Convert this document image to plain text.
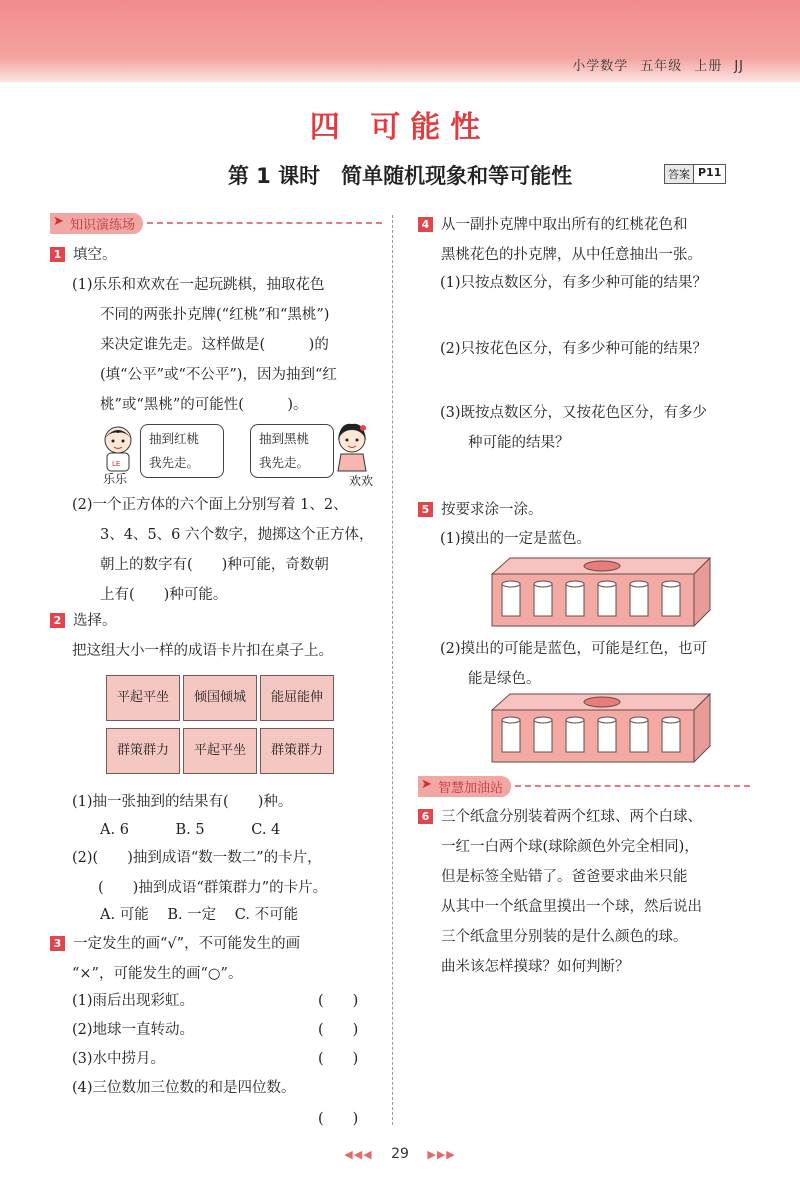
小学数学 五年级 上册 JJ
四 可能性
第 1 课时　简单随机现象和等可能性	答案 P11
➤ 知识演练场
1 填空。
(1)乐乐和欢欢在一起玩跳棋，抽取花色
不同的两张扑克牌(“红桃”和“黑桃”)
来决定谁先走。这样做是(　　　)的
(填“公平”或“不公平”)，因为抽到“红
桃”或“黑桃”的可能性(　　　)。
LE
乐乐
抽到红桃
我先走。
抽到黑桃
我先走。
欢欢
(2)一个正方体的六个面上分别写着 1、2、
3、4、5、6 六个数字，抛掷这个正方体，
朝上的数字有(　　)种可能，奇数朝
上有(　　)种可能。
2 选择。
把这组大小一样的成语卡片扣在桌子上。
平起平坐	倾国倾城	能屈能伸
群策群力	平起平坐	群策群力
(1)抽一张抽到的结果有(　　)种。
A. 6	B. 5	C. 4
(2)(　　)抽到成语“数一数二”的卡片，
(　　)抽到成语“群策群力”的卡片。
A. 可能 B. 一定 C. 不可能
3 一定发生的画“√”，不可能发生的画
“×”，可能发生的画“○”。
(1)雨后出现彩虹。	(　　)
(2)地球一直转动。	(　　)
(3)水中捞月。	(　　)
(4)三位数加三位数的和是四位数。
(　　)
4 从一副扑克牌中取出所有的红桃花色和
黑桃花色的扑克牌，从中任意抽出一张。
(1)只按点数区分，有多少种可能的结果？
(2)只按花色区分，有多少种可能的结果？
(3)既按点数区分，又按花色区分，有多少
种可能的结果？
5 按要求涂一涂。
(1)摸出的一定是蓝色。
(2)摸出的可能是蓝色，可能是红色，也可
能是绿色。
➤ 智慧加油站
6 三个纸盒分别装着两个红球、两个白球、
一红一白两个球(球除颜色外完全相同)，
但是标签全贴错了。爸爸要求曲米只能
从其中一个纸盒里摸出一个球，然后说出
三个纸盒里分别装的是什么颜色的球。
曲米该怎样摸球？如何判断？
◀◀◀ 29 ▶▶▶
